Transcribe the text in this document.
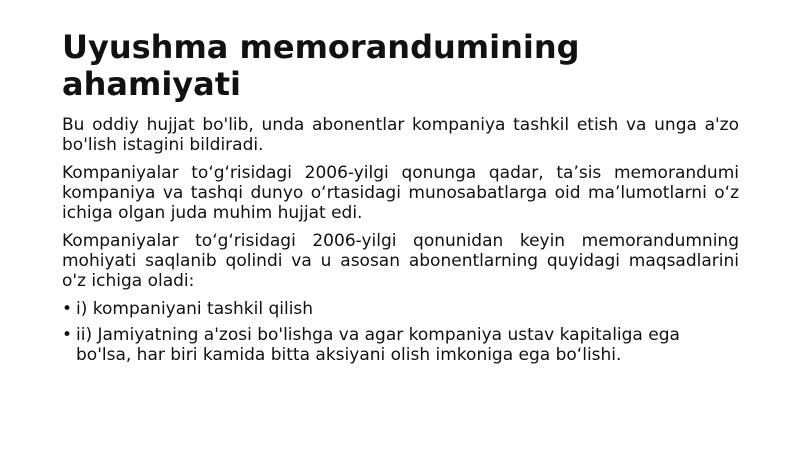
Uyushma memorandumining ahamiyati

Bu oddiy hujjat bo'lib, unda abonentlar kompaniya tashkil etish va unga a'zo bo'lish istagini bildiradi.

Kompaniyalar to‘g‘risidagi 2006-yilgi qonunga qadar, ta’sis memorandumi kompaniya va tashqi dunyo o‘rtasidagi munosabatlarga oid ma’lumotlarni o‘z ichiga olgan juda muhim hujjat edi.

Kompaniyalar to‘g‘risidagi 2006-yilgi qonunidan keyin memorandumning mohiyati saqlanib qolindi va u asosan abonentlarning quyidagi maqsadlarini o'z ichiga oladi:

• i) kompaniyani tashkil qilish
• ii) Jamiyatning a'zosi bo'lishga va agar kompaniya ustav kapitaliga ega bo'lsa, har biri kamida bitta aksiyani olish imkoniga ega bo‘lishi.
